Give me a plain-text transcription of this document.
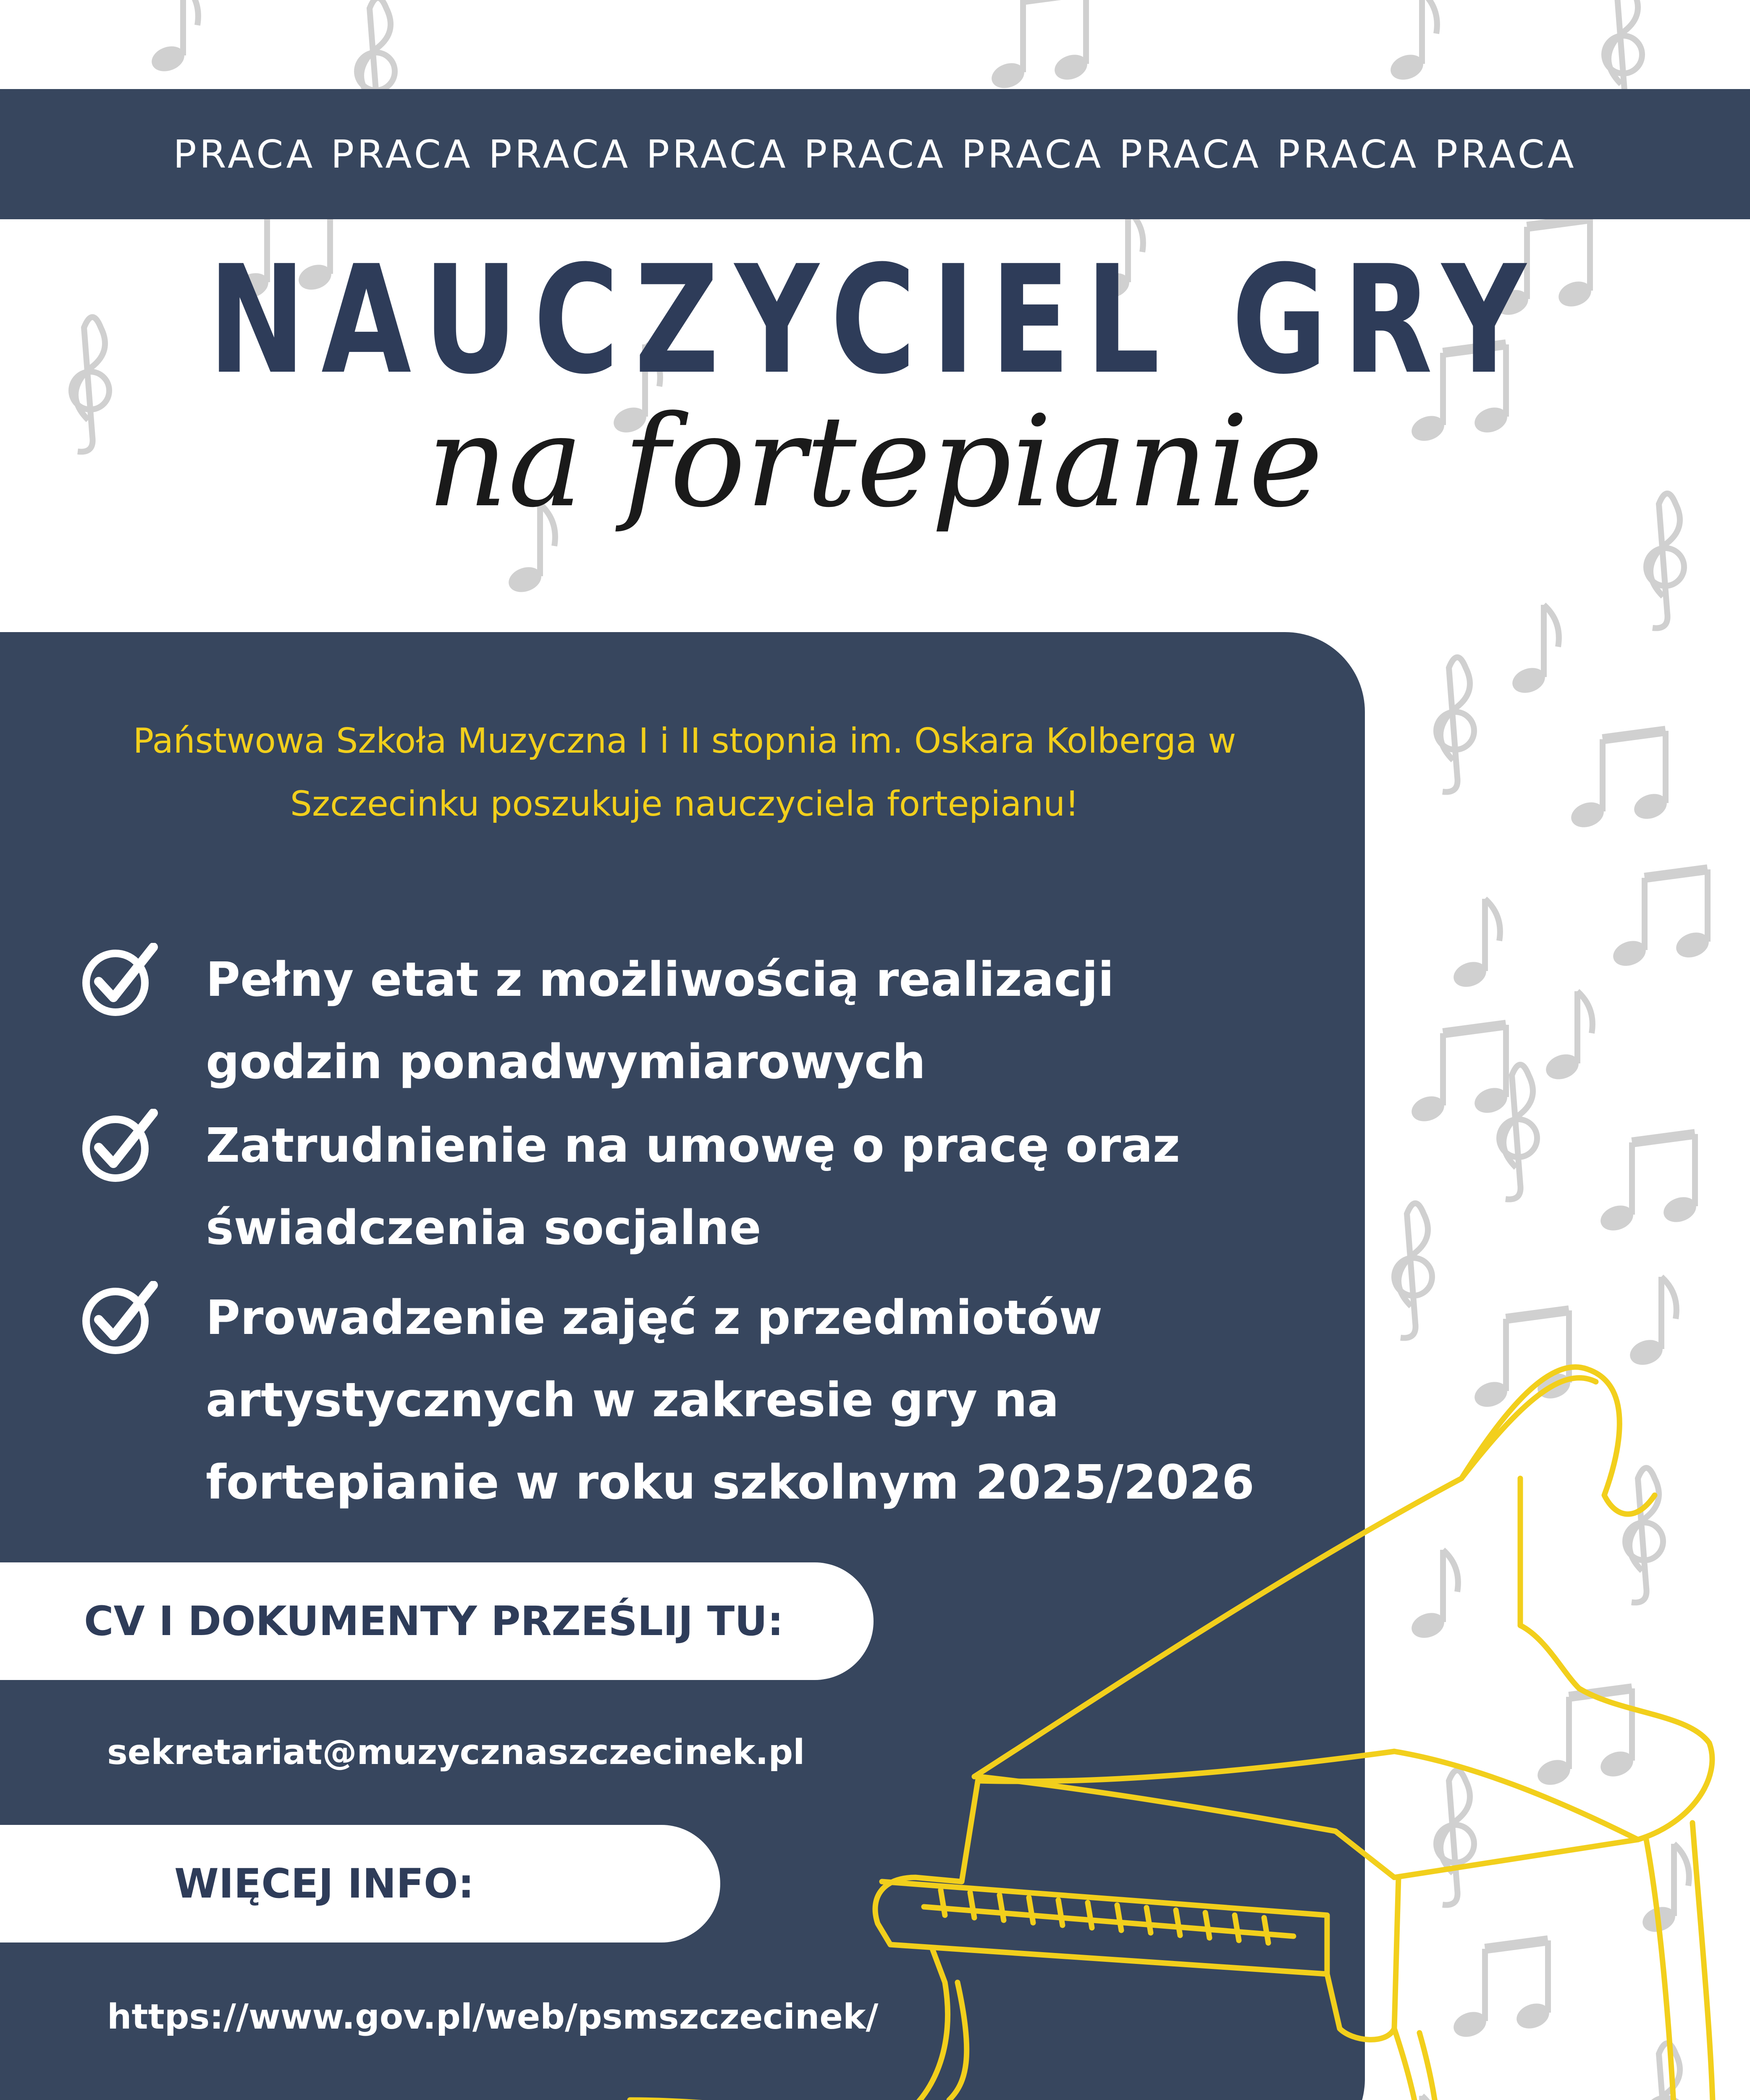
PRACA PRACA PRACA PRACA PRACA PRACA PRACA PRACA PRACA
NAUCZYCIEL GRY
na fortepianie
Państwowa Szkoła Muzyczna I i II stopnia im. Oskara Kolberga w Szczecinku poszukuje nauczyciela fortepianu!
Pełny etat z możliwością realizacji
godzin ponadwymiarowych
Zatrudnienie na umowę o pracę oraz
świadczenia socjalne
Prowadzenie zajęć z przedmiotów
artystycznych w zakresie gry na
fortepianie w roku szkolnym 2025/2026
CV I DOKUMENTY PRZEŚLIJ TU:
sekretariat@muzycznaszczecinek.pl
WIĘCEJ INFO:
https://www.gov.pl/web/psmszczecinek/
